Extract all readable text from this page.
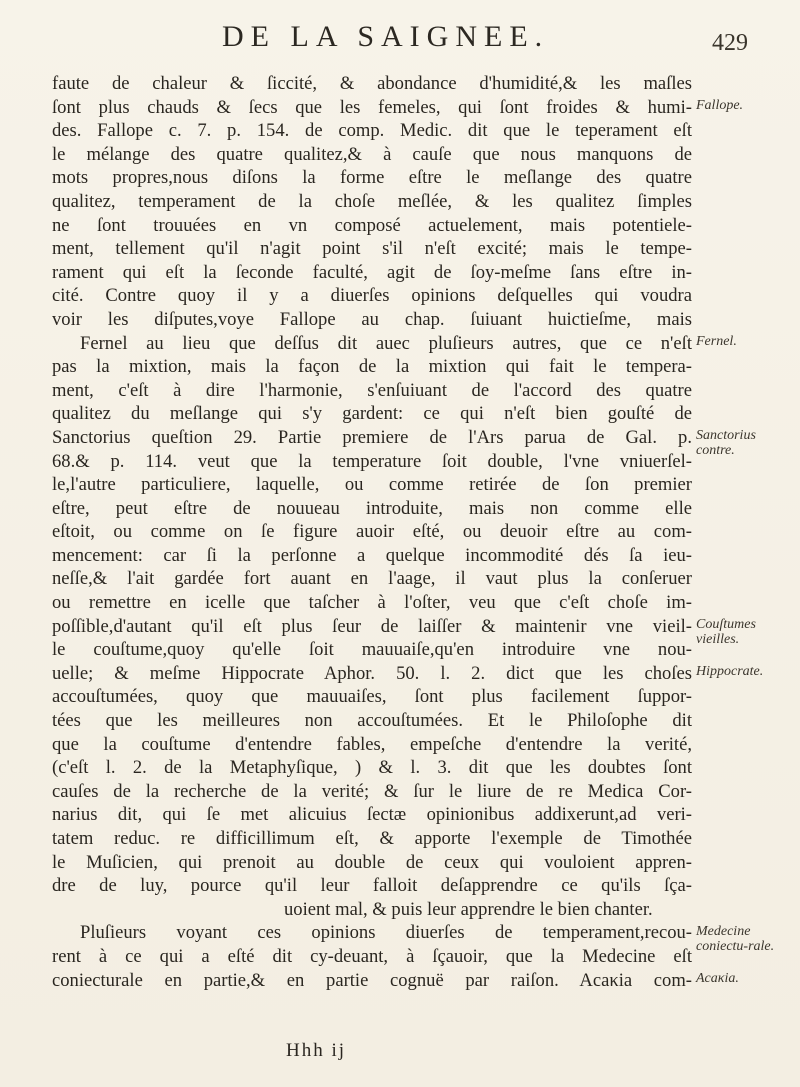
DE LA SAIGNEE.	429
faute de chaleur & ſiccité, & abondance d'humidité,& les maſles
ſont plus chauds & ſecs que les femeles, qui ſont froides & humi-
des. Fallope c. 7. p. 154. de comp. Medic. dit que le teperament eſt
le mélange des quatre qualitez,& à cauſe que nous manquons de
mots propres,nous diſons la forme eſtre le meſlange des quatre
qualitez, temperament de la choſe meſlée, & les qualitez ſimples
ne ſont trouuées en vn composé actuelement, mais potentiele-
ment, tellement qu'il n'agit point s'il n'eſt excité; mais le tempe-
rament qui eſt la ſeconde faculté, agit de ſoy-meſme ſans eſtre in-
cité. Contre quoy il y a diuerſes opinions deſquelles qui voudra
voir les diſputes,voye Fallope au chap. ſuiuant huictieſme, mais
Fernel au lieu que deſſus dit auec pluſieurs autres, que ce n'eſt
pas la mixtion, mais la façon de la mixtion qui fait le tempera-
ment, c'eſt à dire l'harmonie, s'enſuiuant de l'accord des quatre
qualitez du meſlange qui s'y gardent: ce qui n'eſt bien gouſté de
Sanctorius queſtion 29. Partie premiere de l'Ars parua de Gal. p.
68.& p. 114. veut que la temperature ſoit double, l'vne vniuerſel-
le,l'autre particuliere, laquelle, ou comme retirée de ſon premier
eſtre, peut eſtre de nouueau introduite, mais non comme elle
eſtoit, ou comme on ſe figure auoir eſté, ou deuoir eſtre au com-
mencement: car ſi la perſonne a quelque incommodité dés ſa ieu-
neſſe,& l'ait gardée fort auant en l'aage, il vaut plus la conſeruer
ou remettre en icelle que taſcher à l'oſter, veu que c'eſt choſe im-
poſſible,d'autant qu'il eſt plus ſeur de laiſſer & maintenir vne vieil-
le couſtume,quoy qu'elle ſoit mauuaiſe,qu'en introduire vne nou-
uelle; & meſme Hippocrate Aphor. 50. l. 2. dict que les choſes
accouſtumées, quoy que mauuaiſes, ſont plus facilement ſuppor-
tées que les meilleures non accouſtumées. Et le Philoſophe dit
que la couſtume d'entendre fables, empeſche d'entendre la verité,
(c'eſt l. 2. de la Metaphyſique, ) & l. 3. dit que les doubtes ſont
cauſes de la recherche de la verité; & ſur le liure de re Medica Cor-
narius dit, qui ſe met alicuius ſectæ opinionibus addixerunt,ad veri-
tatem reduc. re difficillimum eſt, & apporte l'exemple de Timothée
le Muſicien, qui prenoit au double de ceux qui vouloient appren-
dre de luy, pource qu'il leur falloit deſapprendre ce qu'ils ſça-
uoient mal, & puis leur apprendre le bien chanter.
Pluſieurs voyant ces opinions diuerſes de temperament,recou-
rent à ce qui a eſté dit cy-deuant, à ſçauoir, que la Medecine eſt
coniecturale en partie,& en partie cognuë par raiſon. Acaκia com-
Fallope.
Fernel.
Sanctorius contre.
Couſtumes vieilles.
Hippocrate.
Medecine coniectu-rale.
Acaκia.
Hhh ij
